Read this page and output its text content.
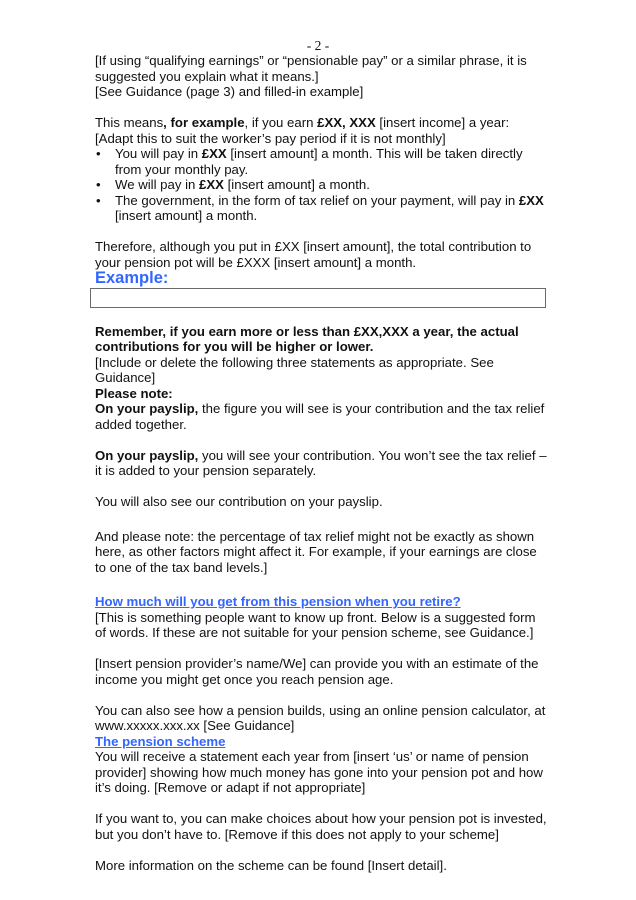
- 2 -

[If using “qualifying earnings” or “pensionable pay” or a similar phrase, it is suggested you explain what it means.]

[See Guidance (page 3) and filled-in example]

This means, for example, if you earn £XX, XXX [insert income] a year:

[Adapt this to suit the worker’s pay period if it is not monthly]

• You will pay in £XX [insert amount] a month. This will be taken directly from your monthly pay.
• We will pay in £XX [insert amount] a month.
• The government, in the form of tax relief on your payment, will pay in £XX [insert amount] a month.

Therefore, although you put in £XX [insert amount], the total contribution to your pension pot will be £XXX [insert amount] a month.

Example:

Remember, if you earn more or less than £XX,XXX a year, the actual contributions for you will be higher or lower.

[Include or delete the following three statements as appropriate. See Guidance]

Please note:

On your payslip, the figure you will see is your contribution and the tax relief added together.

On your payslip, you will see your contribution. You won’t see the tax relief – it is added to your pension separately.

You will also see our contribution on your payslip.

And please note: the percentage of tax relief might not be exactly as shown here, as other factors might affect it. For example, if your earnings are close to one of the tax band levels.]

How much will you get from this pension when you retire?

[This is something people want to know up front. Below is a suggested form of words. If these are not suitable for your pension scheme, see Guidance.]

[Insert pension provider’s name/We] can provide you with an estimate of the income you might get once you reach pension age.

You can also see how a pension builds, using an online pension calculator, at www.xxxxx.xxx.xx [See Guidance]

The pension scheme

You will receive a statement each year from [insert ‘us’ or name of pension provider] showing how much money has gone into your pension pot and how it’s doing. [Remove or adapt if not appropriate]

If you want to, you can make choices about how your pension pot is invested, but you don’t have to. [Remove if this does not apply to your scheme]

More information on the scheme can be found [Insert detail].
